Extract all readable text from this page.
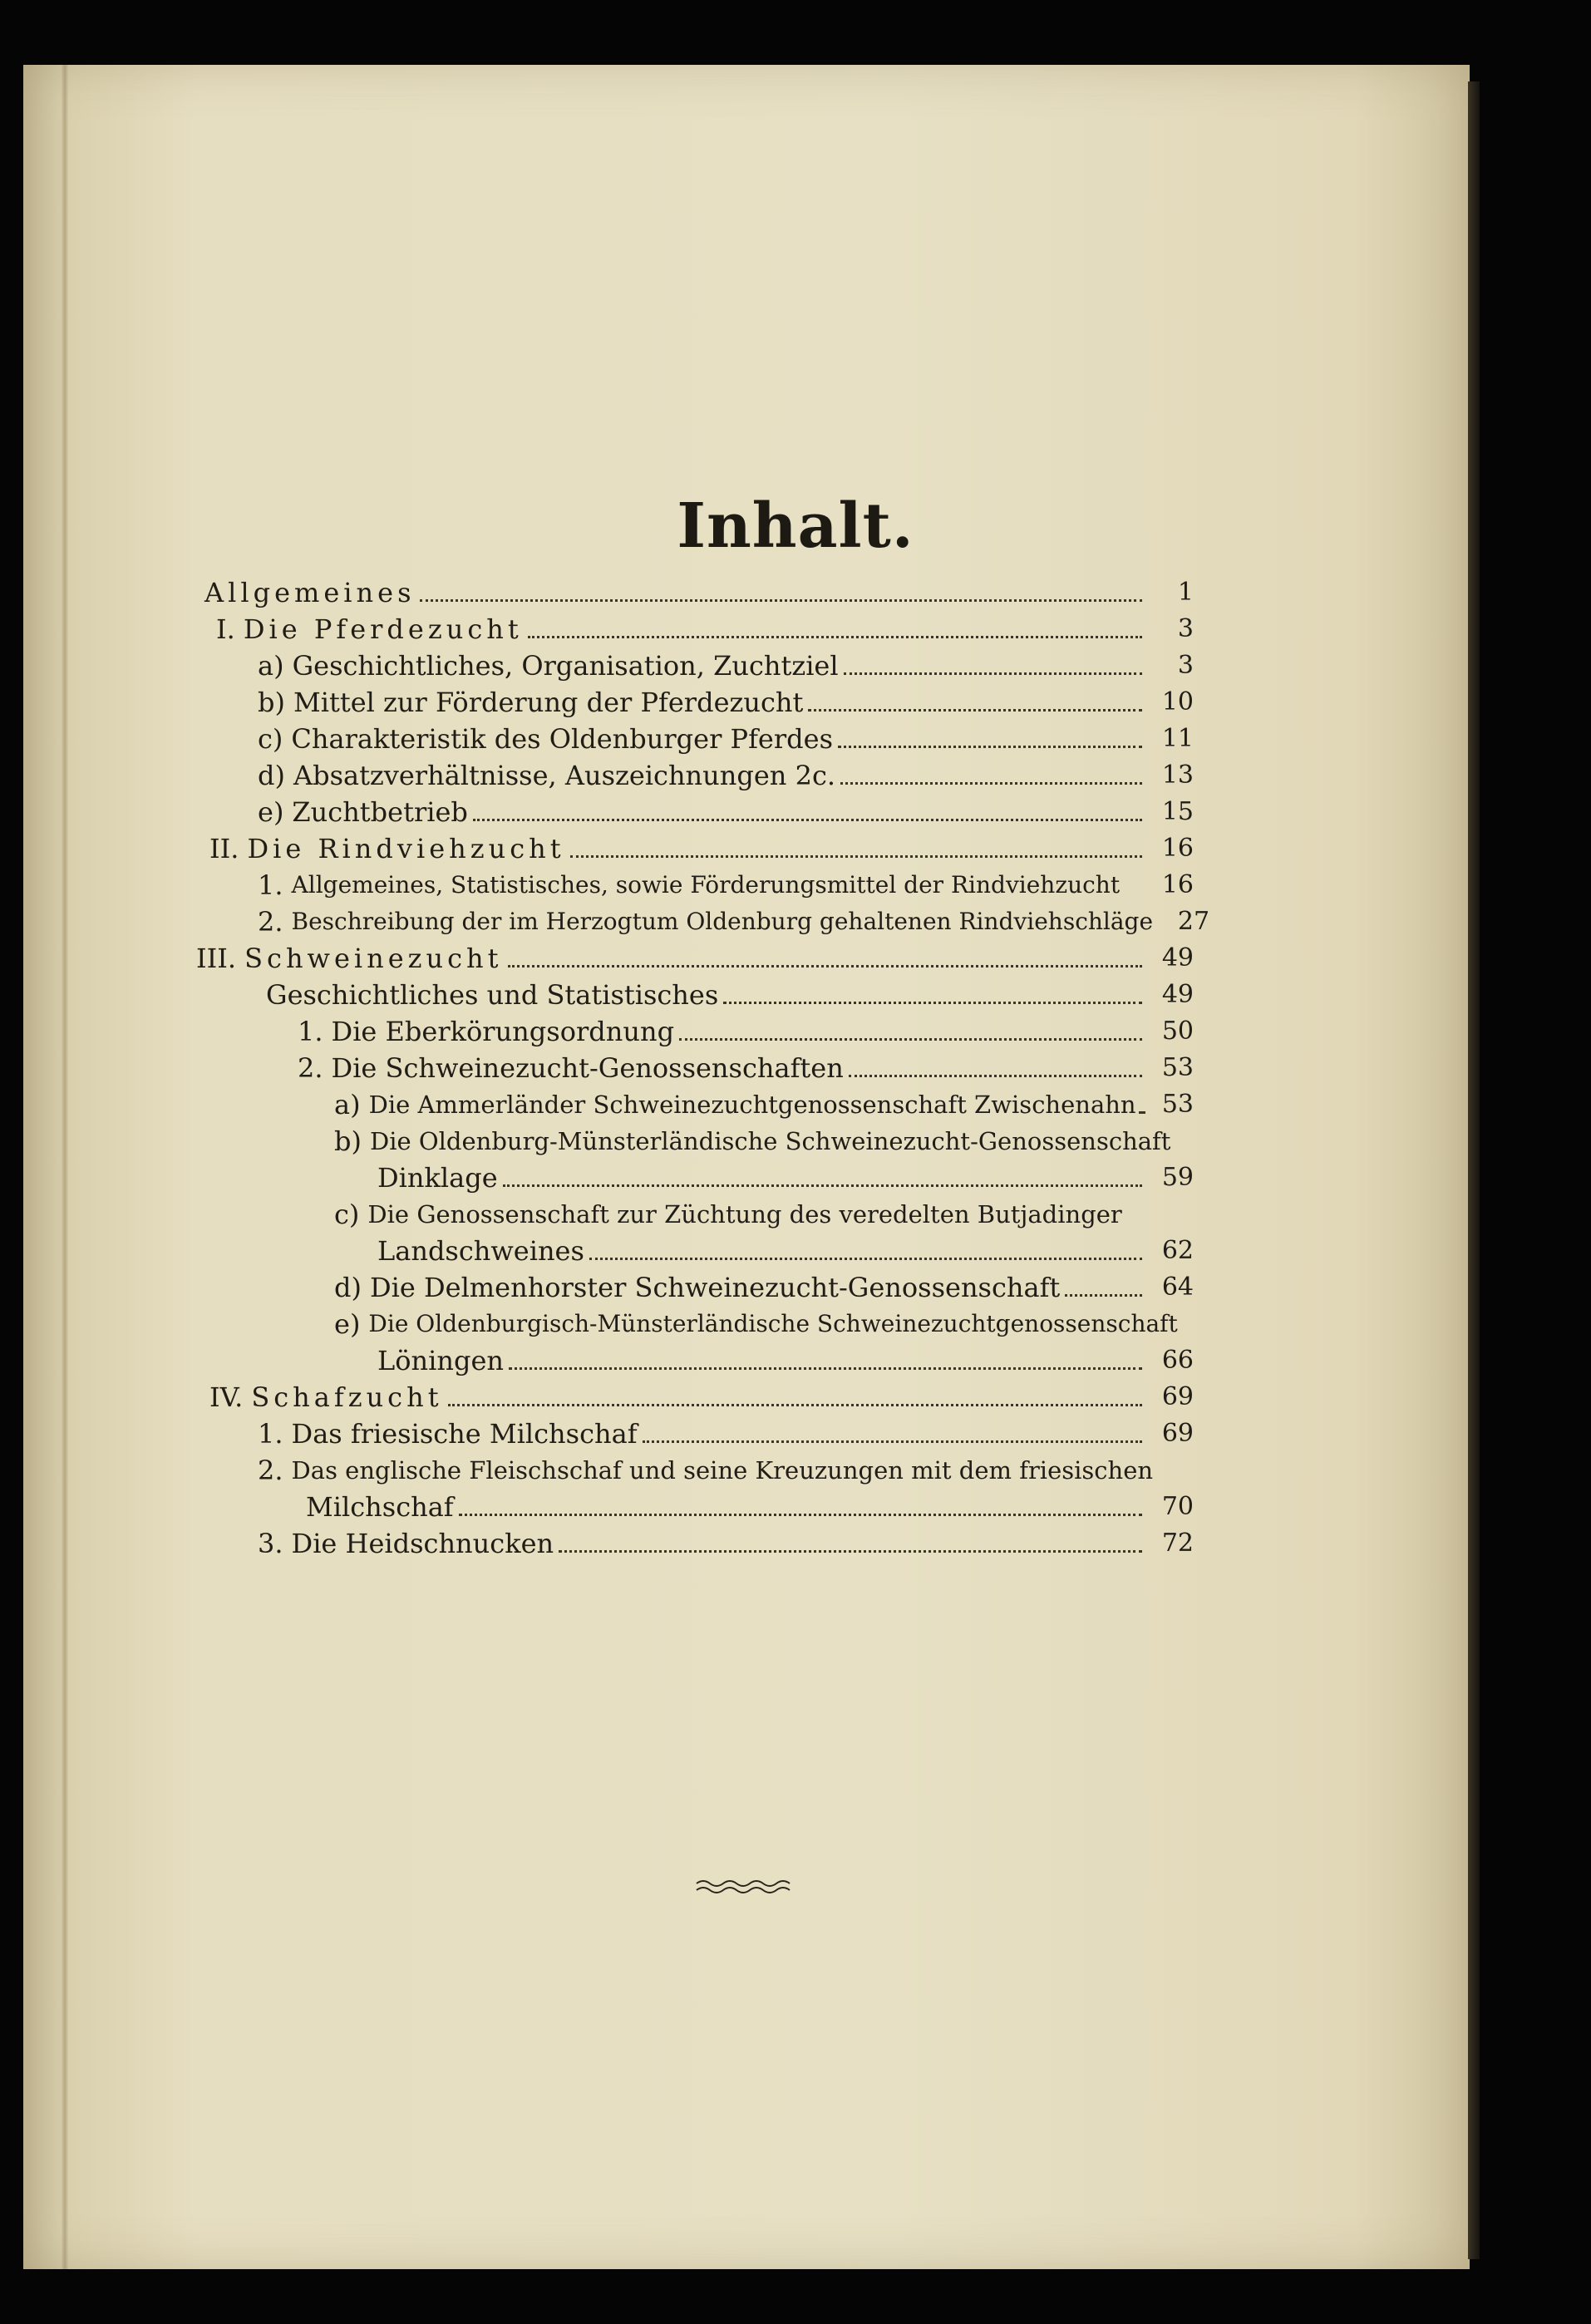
Inhalt.
Allgemeines	1
I. Die Pferdezucht	3
a) Geschichtliches, Organisation, Zuchtziel	3
b) Mittel zur Förderung der Pferdezucht	10
c) Charakteristik des Oldenburger Pferdes	11
d) Absatzverhältnisse, Auszeichnungen 2c.	13
e) Zuchtbetrieb	15
II. Die Rindviehzucht	16
1. Allgemeines, Statistisches, sowie Förderungsmittel der Rindviehzucht	16
2. Beschreibung der im Herzogtum Oldenburg gehaltenen Rindviehschläge 27
III. Schweinezucht	49
Geschichtliches und Statistisches	49
1. Die Eberkörungsordnung	50
2. Die Schweinezucht-Genossenschaften	53
a) Die Ammerländer Schweinezuchtgenossenschaft Zwischenahn	53
b) Die Oldenburg-Münsterländische Schweinezucht-Genossenschaft
Dinklage	59
c) Die Genossenschaft zur Züchtung des veredelten Butjadinger
Landschweines	62
d) Die Delmenhorster Schweinezucht-Genossenschaft	64
e) Die Oldenburgisch-Münsterländische Schweinezuchtgenossenschaft
Löningen	66
IV. Schafzucht	69
1. Das friesische Milchschaf	69
2. Das englische Fleischschaf und seine Kreuzungen mit dem friesischen
Milchschaf	70
3. Die Heidschnucken	72
